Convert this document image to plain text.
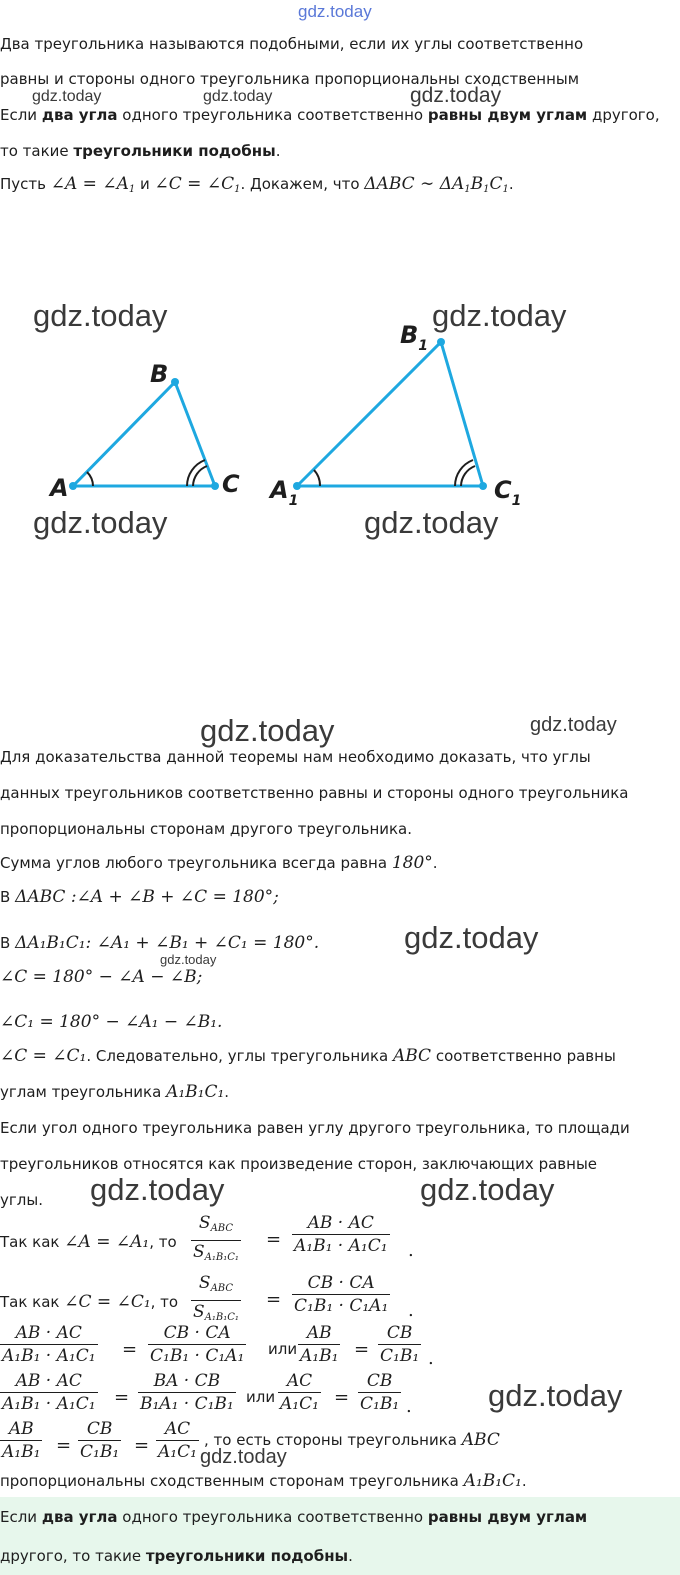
gdz.today
gdz.today	gdz.today	gdz.today
gdz.today	gdz.today
gdz.today	gdz.today
gdz.today	gdz.today
gdz.today
gdz.today
gdz.today	gdz.today
gdz.today
gdz.today
Два треугольника называются подобными, если их углы соответственно
равны и стороны одного треугольника пропорциональны сходственным
Если два угла одного треугольника соответственно равны двум углам другого,
то такие треугольники подобны.
Пусть ∠A = $\angle A_1$ и ∠C = $\angle C_1$. Докажем, что ΔABC ∼ $\Delta A_1B_1C_1$.
A
B
C $A_1$
$B_1$
$C_1$
Для доказательства данной теоремы нам необходимо доказать, что углы
данных треугольников соответственно равны и стороны одного треугольника
пропорциональны сторонам другого треугольника.
Сумма углов любого треугольника всегда равна 180°.
В ΔABC :∠A + ∠B + ∠C = 180°;
В ΔA₁B₁C₁: ∠A₁ + ∠B₁ + ∠C₁ = 180°.
∠C = 180° − ∠A − ∠B;
∠C₁ = 180° − ∠A₁ − ∠B₁.
∠C = ∠C₁. Следовательно, углы трегугольника ABC соответственно равны
углам треугольника A₁B₁C₁.
Если угол одного треугольника равен углу другого треугольника, то площади
треугольников относятся как произведение сторон, заключающих равные
углы.
Так как ∠A = ∠A₁, то
$S_{ABC}$
$S_{A_1B_1C_1}$
= $\frac{AB \cdot AC}{\text{A₁B₁ · A₁C₁}}$ .
Так как ∠C = ∠C₁, то
$S_{ABC}$
$S_{A_1B_1C_1}$
= $\frac{CB \cdot CA}{\text{C₁B₁ · C₁A₁}}$ .
$\frac{AB \cdot AC}{\text{A₁B₁ · A₁C₁}} = \frac{CB \cdot CA}{\text{C₁B₁ · C₁A₁}}$ или $\frac{AB}{\text{A₁B₁}} = \frac{CB}{\text{C₁B₁}}$ .
$\frac{AB \cdot AC}{\text{A₁B₁ · A₁C₁}} = \frac{BA \cdot CB}{\text{B₁A₁ · C₁B₁}}$ или $\frac{AC}{\text{A₁C₁}} = \frac{CB}{\text{C₁B₁}}$ .
$\frac{AB}{\text{A₁B₁}} = \frac{CB}{\text{C₁B₁}} = \frac{AC}{\text{A₁C₁}}$ , то есть стороны треугольника ABC
пропорциональны сходственным сторонам треугольника A₁B₁C₁.
Если два угла одного треугольника соответственно равны двум углам
другого, то такие треугольники подобны.
